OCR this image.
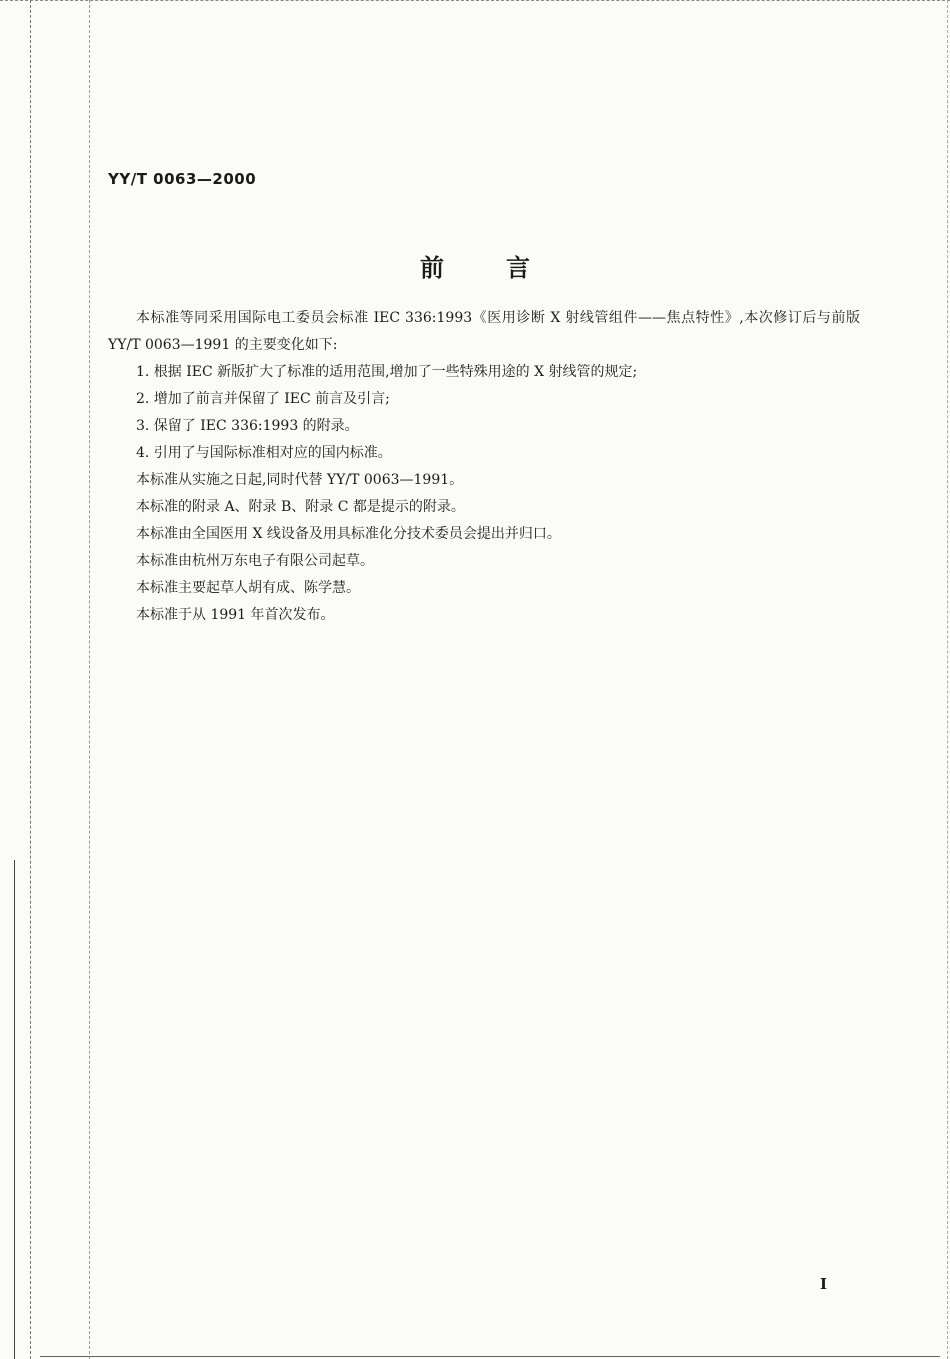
YY/T 0063—2000
前言

本标准等同采用国际电工委员会标准 IEC 336:1993《医用诊断 X 射线管组件——焦点特性》,本次修订后与前版 YY/T 0063—1991 的主要变化如下:

1. 根据 IEC 新版扩大了标准的适用范围,增加了一些特殊用途的 X 射线管的规定;

2. 增加了前言并保留了 IEC 前言及引言;

3. 保留了 IEC 336:1993 的附录。

4. 引用了与国际标准相对应的国内标准。

本标准从实施之日起,同时代替 YY/T 0063—1991。

本标准的附录 A、附录 B、附录 C 都是提示的附录。

本标准由全国医用 X 线设备及用具标准化分技术委员会提出并归口。

本标准由杭州万东电子有限公司起草。

本标准主要起草人胡有成、陈学慧。

本标准于从 1991 年首次发布。

I
